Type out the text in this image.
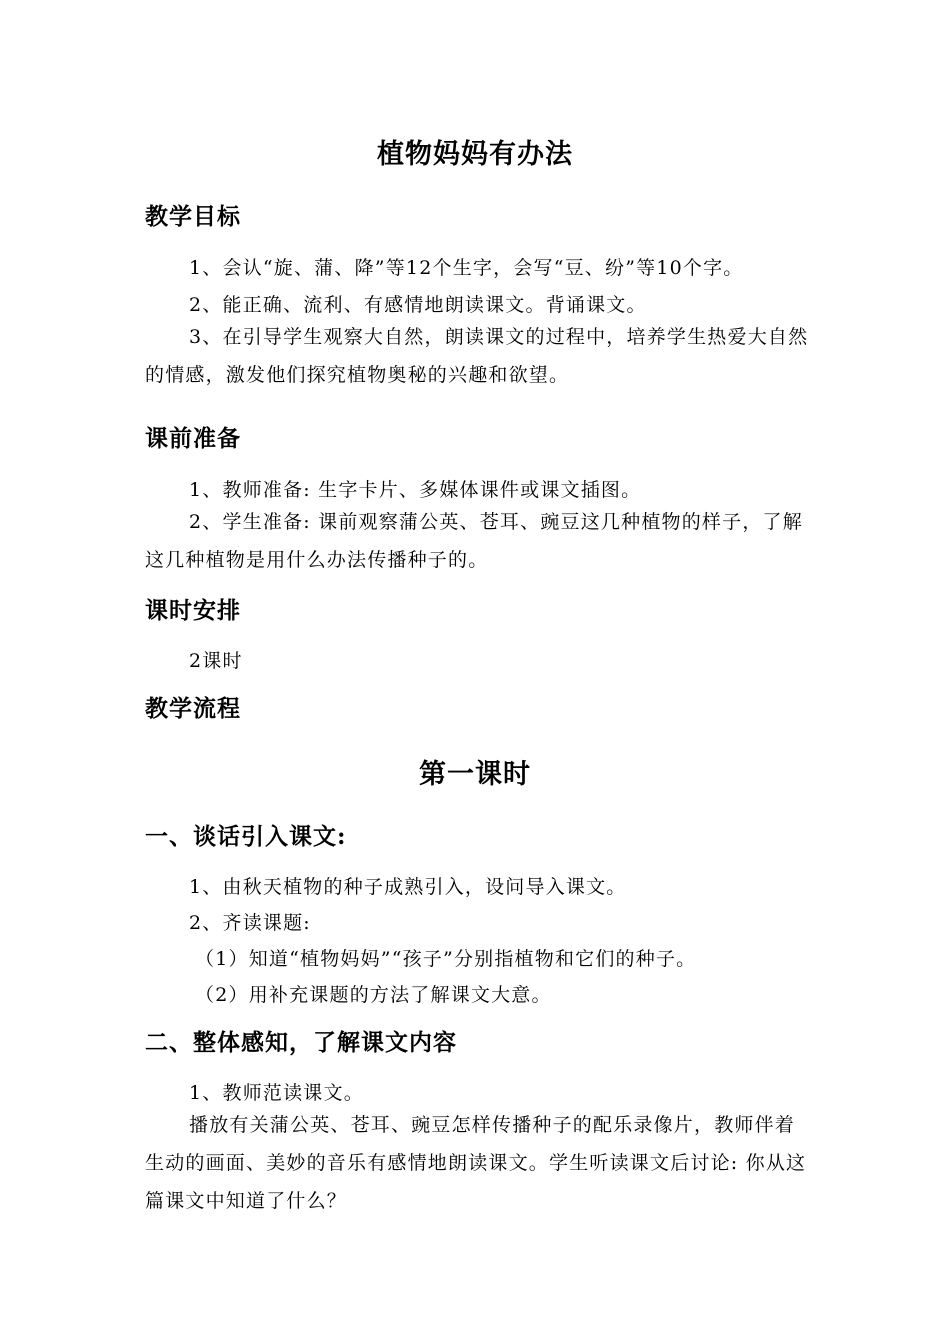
植物妈妈有办法
教学目标
1、会认“旋、蒲、降”等12个生字，会写“豆、纷”等10个字。
2、能正确、流利、有感情地朗读课文。背诵课文。
3、在引导学生观察大自然，朗读课文的过程中，培养学生热爱大自然的情感，激发他们探究植物奥秘的兴趣和欲望。
课前准备
1、教师准备: 生字卡片、多媒体课件或课文插图。
2、学生准备: 课前观察蒲公英、苍耳、豌豆这几种植物的样子，了解这几种植物是用什么办法传播种子的。
课时安排
2课时
教学流程
第一课时
一、谈话引入课文:
1、由秋天植物的种子成熟引入，设问导入课文。
2、齐读课题:
（1）知道“植物妈妈”“孩子”分别指植物和它们的种子。
（2）用补充课题的方法了解课文大意。
二、整体感知，了解课文内容
1、教师范读课文。
播放有关蒲公英、苍耳、豌豆怎样传播种子的配乐录像片，教师伴着生动的画面、美妙的音乐有感情地朗读课文。学生听读课文后讨论: 你从这篇课文中知道了什么？
